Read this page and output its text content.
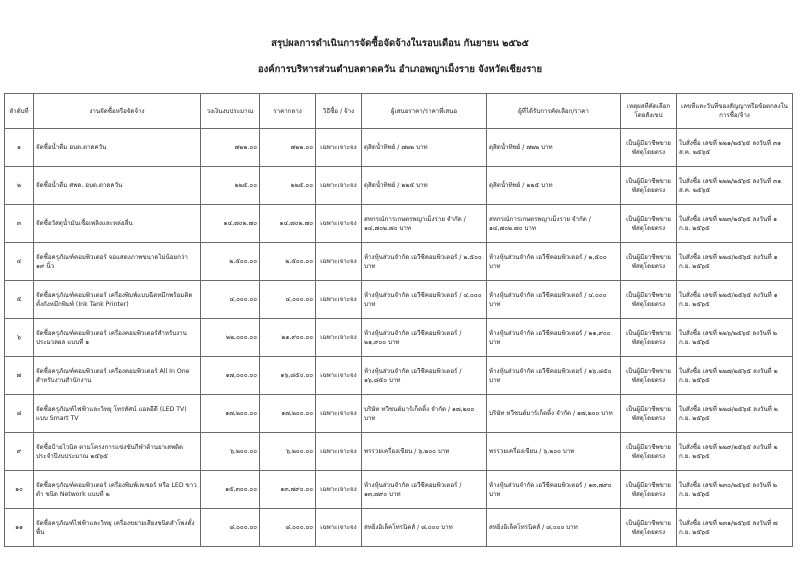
สรุปผลการดำเนินการจัดซื้อจัดจ้างในรอบเดือน กันยายน ๒๕๖๕
องค์การบริหารส่วนตำบลตาดควัน อำเภอพญาเม็งราย จังหวัดเชียงราย
ลำดับที่	งานจัดซื้อหรือจัดจ้าง	วงเงินงบประมาณ	ราคากลาง	วิธีซื้อ / จ้าง	ผู้เสนอราคา/ราคาที่เสนอ	ผู้ที่ได้รับการคัดเลือก/ราคา	เหตุผลที่คัดเลือกโดยสังเขป	เลขที่และวันที่ของสัญญาหรือข้อตกลงในการซื้อ/จ้าง
๑	จัดซื้อน้ำดื่ม อบต.ตาดควัน	๗๒๒.๐๐	๗๒๒.๐๐	เฉพาะเจาะจง	ดุสิตน้ำทิพย์ / ๗๒๒ บาท	ดุสิตน้ำทิพย์ / ๗๒๒ บาท	เป็นผู้มีอาชีพขายพัสดุโดยตรง	ใบสั่งซื้อ เลขที่ ๒๒๑/๒๕๖๕ ลงวันที่ ๓๑ ส.ค. ๒๕๖๕
๒	จัดซื้อน้ำดื่ม ศพด. อบต.ตาดควัน	๒๒๕.๐๐	๒๒๕.๐๐	เฉพาะเจาะจง	ดุสิตน้ำทิพย์ / ๒๒๕ บาท	ดุสิตน้ำทิพย์ / ๒๒๕ บาท	เป็นผู้มีอาชีพขายพัสดุโดยตรง	ใบสั่งซื้อ เลขที่ ๒๒๒/๒๕๖๕ ลงวันที่ ๓๑ ส.ค. ๒๕๖๕
๓	จัดซื้อวัสดุน้ำมันเชื้อเพลิงและหล่อลื่น	๑๔,๗๐๒.๗๐	๑๔,๗๐๒.๗๐	เฉพาะเจาะจง	สหกรณ์การเกษตรพญาเม็งราย จำกัด / ๑๔,๗๐๒.๗๐ บาท	สหกรณ์การเกษตรพญาเม็งราย จำกัด / ๑๔,๗๐๒.๗๐ บาท	เป็นผู้มีอาชีพขายพัสดุโดยตรง	ใบสั่งซื้อ เลขที่ ๒๒๓/๒๕๖๕ ลงวันที่ ๑ ก.ย. ๒๕๖๕
๔	จัดซื้อครุภัณฑ์คอมพิวเตอร์ จอแสดงภาพขนาดไม่น้อยกว่า ๑๙ นิ้ว	๒,๕๐๐.๐๐	๒,๕๐๐.๐๐	เฉพาะเจาะจง	ห้างหุ้นส่วนจำกัด เอวีซีคอมพิวเตอร์ / ๒,๕๐๐ บาท	ห้างหุ้นส่วนจำกัด เอวีซีคอมพิวเตอร์ / ๒,๕๐๐ บาท	เป็นผู้มีอาชีพขายพัสดุโดยตรง	ใบสั่งซื้อ เลขที่ ๒๒๔/๒๕๖๕ ลงวันที่ ๑ ก.ย. ๒๕๖๕
๕	จัดซื้อครุภัณฑ์คอมพิวเตอร์ เครื่องพิมพ์แบบฉีดหมึกพร้อมติดตั้งถังหมึกพิมพ์ (Ink Tank Printer)	๔,๐๐๐.๐๐	๔,๐๐๐.๐๐	เฉพาะเจาะจง	ห้างหุ้นส่วนจำกัด เอวีซีคอมพิวเตอร์ / ๔,๐๐๐ บาท	ห้างหุ้นส่วนจำกัด เอวีซีคอมพิวเตอร์ / ๔,๐๐๐ บาท	เป็นผู้มีอาชีพขายพัสดุโดยตรง	ใบสั่งซื้อ เลขที่ ๒๒๕/๒๕๖๕ ลงวันที่ ๑ ก.ย. ๒๕๖๕
๖	จัดซื้อครุภัณฑ์คอมพิวเตอร์ เครื่องคอมพิวเตอร์สำหรับงานประมวลผล แบบที่ ๑	๒๒,๐๐๐.๐๐	๒๑,๙๐๐.๐๐	เฉพาะเจาะจง	ห้างหุ้นส่วนจำกัด เอวีซีคอมพิวเตอร์ / ๒๑,๙๐๐ บาท	ห้างหุ้นส่วนจำกัด เอวีซีคอมพิวเตอร์ / ๒๑,๙๐๐ บาท	เป็นผู้มีอาชีพขายพัสดุโดยตรง	ใบสั่งซื้อ เลขที่ ๒๒๖/๒๕๖๕ ลงวันที่ ๒ ก.ย. ๒๕๖๕
๗	จัดซื้อครุภัณฑ์คอมพิวเตอร์ เครื่องคอมพิวเตอร์ All In One สำหรับงานสำนักงาน	๑๗,๐๐๐.๐๐	๑๖,๘๕๐.๐๐	เฉพาะเจาะจง	ห้างหุ้นส่วนจำกัด เอวีซีคอมพิวเตอร์ / ๑๖,๘๕๐ บาท	ห้างหุ้นส่วนจำกัด เอวีซีคอมพิวเตอร์ / ๑๖,๘๕๐ บาท	เป็นผู้มีอาชีพขายพัสดุโดยตรง	ใบสั่งซื้อ เลขที่ ๒๒๗/๒๕๖๕ ลงวันที่ ๒ ก.ย. ๒๕๖๕
๘	จัดซื้อครุภัณฑ์ไฟฟ้าและวิทยุ โทรทัศน์ แอลอีดี (LED TV) แบบ Smart TV	๑๗,๒๐๐.๐๐	๑๗,๒๐๐.๐๐	เฉพาะเจาะจง	บริษัท ทวีชนต์มาร์เก็ตติ้ง จำกัด / ๑๗,๒๐๐ บาท	บริษัท ทวีชนต์มาร์เก็ตติ้ง จำกัด / ๑๗,๒๐๐ บาท	เป็นผู้มีอาชีพขายพัสดุโดยตรง	ใบสั่งซื้อ เลขที่ ๒๒๘/๒๕๖๕ ลงวันที่ ๒ ก.ย. ๒๕๖๕
๙	จัดซื้อป้ายไวนิล ตามโครงการแข่งขันกีฬาต้านยาเสพติด ประจำปีงบประมาณ ๒๕๖๕	๖,๒๐๐.๐๐	๖,๒๐๐.๐๐	เฉพาะเจาะจง	พรรวยเครื่องเขียน / ๖,๒๐๐ บาท	พรรวยเครื่องเขียน / ๖,๒๐๐ บาท	เป็นผู้มีอาชีพขายพัสดุโดยตรง	ใบสั่งซื้อ เลขที่ ๒๒๙/๒๕๖๕ ลงวันที่ ๒ ก.ย. ๒๕๖๕
๑๐	จัดซื้อครุภัณฑ์คอมพิวเตอร์ เครื่องพิมพ์เลเซอร์ หรือ LED ขาวดำ ชนิด Network แบบที่ ๒	๑๕,๓๐๐.๐๐	๑๓,๗๙๐.๐๐	เฉพาะเจาะจง	ห้างหุ้นส่วนจำกัด เอวีซีคอมพิวเตอร์ / ๑๓,๗๙๐ บาท	ห้างหุ้นส่วนจำกัด เอวีซีคอมพิวเตอร์ / ๑๓,๗๙๐ บาท	เป็นผู้มีอาชีพขายพัสดุโดยตรง	ใบสั่งซื้อ เลขที่ ๒๓๐/๒๕๖๕ ลงวันที่ ๒ ก.ย. ๒๕๖๕
๑๑	จัดซื้อครุภัณฑ์ไฟฟ้าและวิทยุ เครื่องขยายเสียงชนิดลำโพงตั้งพื้น	๘,๐๐๐.๐๐	๘,๐๐๐.๐๐	เฉพาะเจาะจง	สหยิ่งอิเล็คโทรนิคส์ / ๘,๐๐๐ บาท	สหยิ่งอิเล็คโทรนิคส์ / ๘,๐๐๐ บาท	เป็นผู้มีอาชีพขายพัสดุโดยตรง	ใบสั่งซื้อ เลขที่ ๒๓๑/๒๕๖๕ ลงวันที่ ๗ ก.ย. ๒๕๖๕
